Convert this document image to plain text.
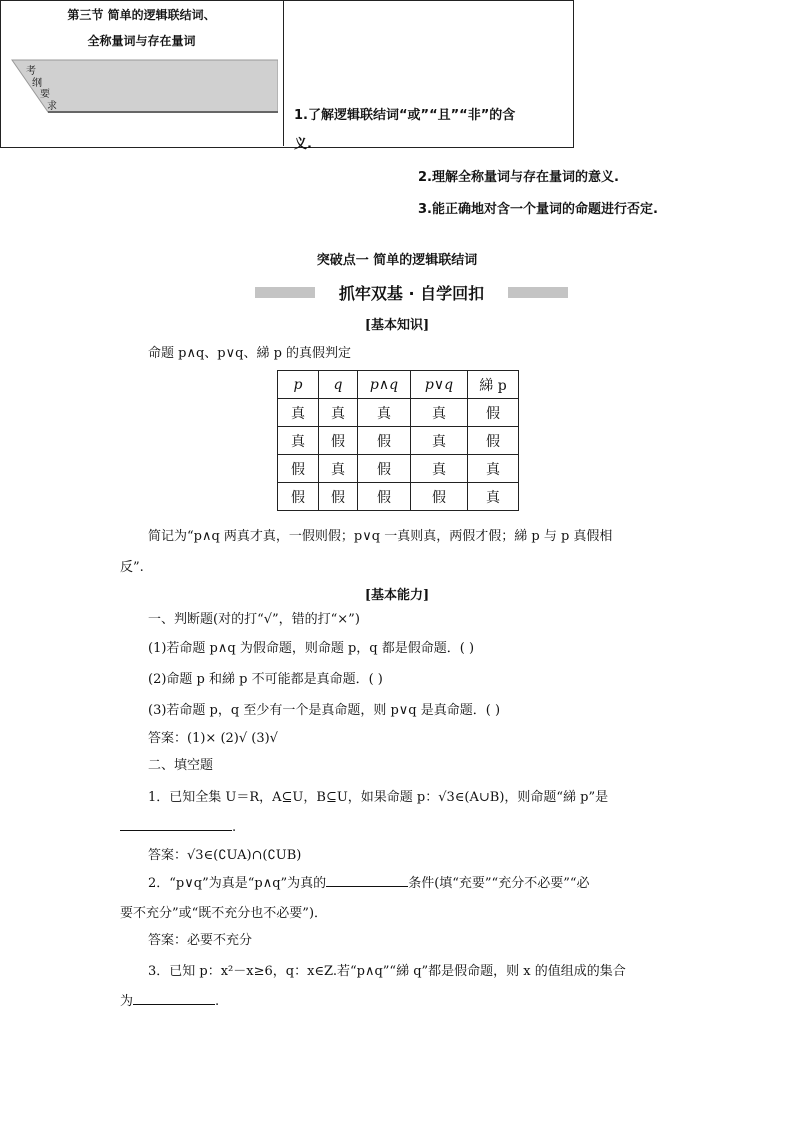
第三节 简单的逻辑联结词、
全称量词与存在量词
考
纲
要
求
1.了解逻辑联结词“或”“且”“非”的含
义.
2.理解全称量词与存在量词的意义.
3.能正确地对含一个量词的命题进行否定.
突破点一 简单的逻辑联结词
抓牢双基 · 自学回扣
[基本知识]
命题 p∧q、p∨q、綈 p 的真假判定
p	q	p∧q	p∨q	綈 p
真	真	真	真	假
真	假	假	真	假
假	真	假	真	真
假	假	假	假	真
简记为“p∧q 两真才真，一假则假；p∨q 一真则真，两假才假；綈 p 与 p 真假相
反”.
[基本能力]
一、判断题(对的打“√”，错的打“×”)
(1)若命题 p∧q 为假命题，则命题 p，q 都是假命题．( )
(2)命题 p 和綈 p 不可能都是真命题．( )
(3)若命题 p，q 至少有一个是真命题，则 p∨q 是真命题．( )
答案：(1)× (2)√ (3)√
二、填空题
1．已知全集 U＝R，A⊆U，B⊆U，如果命题 p：√3∈(A∪B)，则命题“綈 p”是
.
答案：√3∈(∁UA)∩(∁UB)
2．“p∨q”为真是“p∧q”为真的	条件(填“充要”“充分不必要”“必
要不充分”或“既不充分也不必要”)．
答案：必要不充分
3．已知 p：x²－x≥6，q：x∈Z.若“p∧q”“綈 q”都是假命题，则 x 的值组成的集合
为	.
